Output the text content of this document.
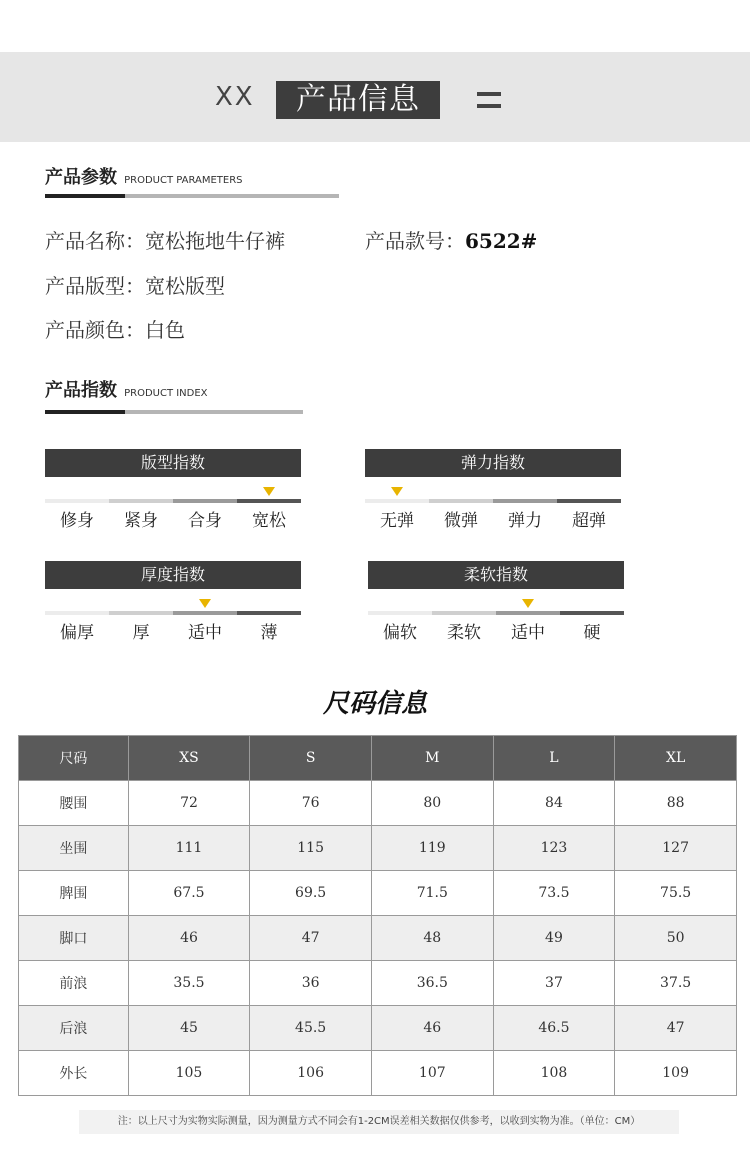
XX	产品信息
产品参数 PRODUCT PARAMETERS
产品名称：宽松拖地牛仔裤	产品款号：6522#
产品版型：宽松版型
产品颜色：白色
产品指数 PRODUCT INDEX
版型指数
修身	紧身	合身	宽松
弹力指数
无弹	微弹	弹力	超弹
厚度指数
偏厚	厚	适中	薄
柔软指数
偏软	柔软	适中	硬
尺码信息
尺码	XS	S	M	L	XL
腰围	72	76	80	84	88
坐围	111	115	119	123	127
脾围	67.5	69.5	71.5	73.5	75.5
脚口	46	47	48	49	50
前浪	35.5	36	36.5	37	37.5
后浪	45	45.5	46	46.5	47
外长	105	106	107	108	109
注：以上尺寸为实物实际测量，因为测量方式不同会有1-2CM误差相关数据仅供参考，以收到实物为准。（单位：CM）
